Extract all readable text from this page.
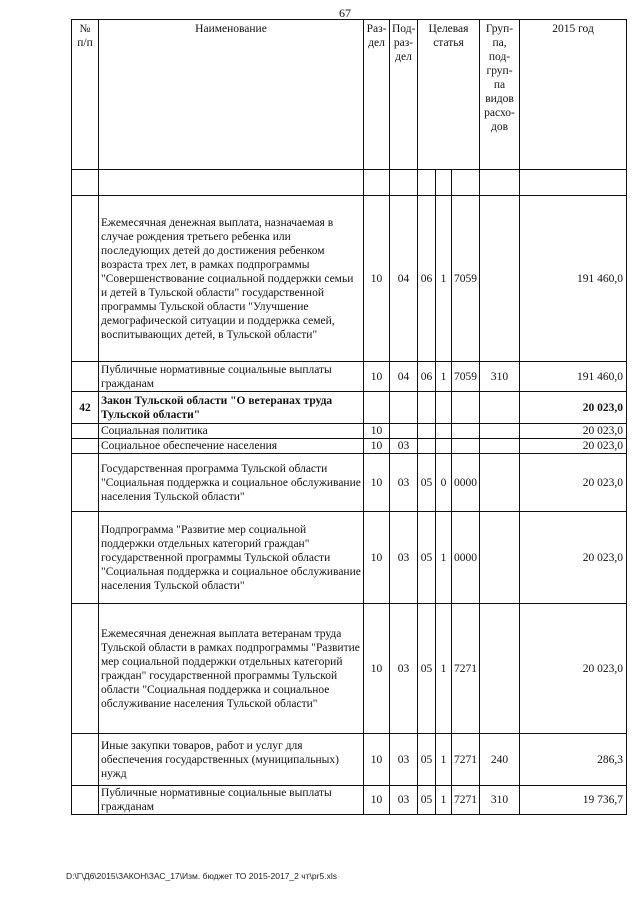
67
№ п/п	Наименование	Раз-дел	Под-раз-дел	Целевая статья			Груп-па, под-груп-па видов расхо-дов	2015 год

	Ежемесячная денежная выплата, назначаемая в случае рождения третьего ребенка или последующих детей до достижения ребенком возраста трех лет, в рамках подпрограммы "Совершенствование социальной поддержки семьи и детей в Тульской области" государственной программы Тульской области "Улучшение демографической ситуации и поддержка семей, воспитывающих детей, в Тульской области"	10	04	06	1	7059		191 460,0
	Публичные нормативные социальные выплаты гражданам	10	04	06	1	7059	310	191 460,0
42	Закон Тульской области "О ветеранах труда Тульской области"							20 023,0
	Социальная политика	10						20 023,0
	Социальное обеспечение населения	10	03					20 023,0
	Государственная программа Тульской области "Социальная поддержка и социальное обслуживание населения Тульской области"	10	03	05	0	0000		20 023,0
	Подпрограмма "Развитие мер социальной поддержки отдельных категорий граждан" государственной программы Тульской области "Социальная поддержка и социальное обслуживание населения Тульской области"	10	03	05	1	0000		20 023,0
	Ежемесячная денежная выплата ветеранам труда Тульской области в рамках подпрограммы "Развитие мер социальной поддержки отдельных категорий граждан" государственной программы Тульской области "Социальная поддержка и социальное обслуживание населения Тульской области"	10	03	05	1	7271		20 023,0
	Иные закупки товаров, работ и услуг для обеспечения государственных (муниципальных) нужд	10	03	05	1	7271	240	286,3
	Публичные нормативные социальные выплаты гражданам	10	03	05	1	7271	310	19 736,7
D:\Г\Д6\2015\ЗАКОН\ЗАС_17\Изм. бюджет ТО 2015-2017_2 чт\pr5.xls
